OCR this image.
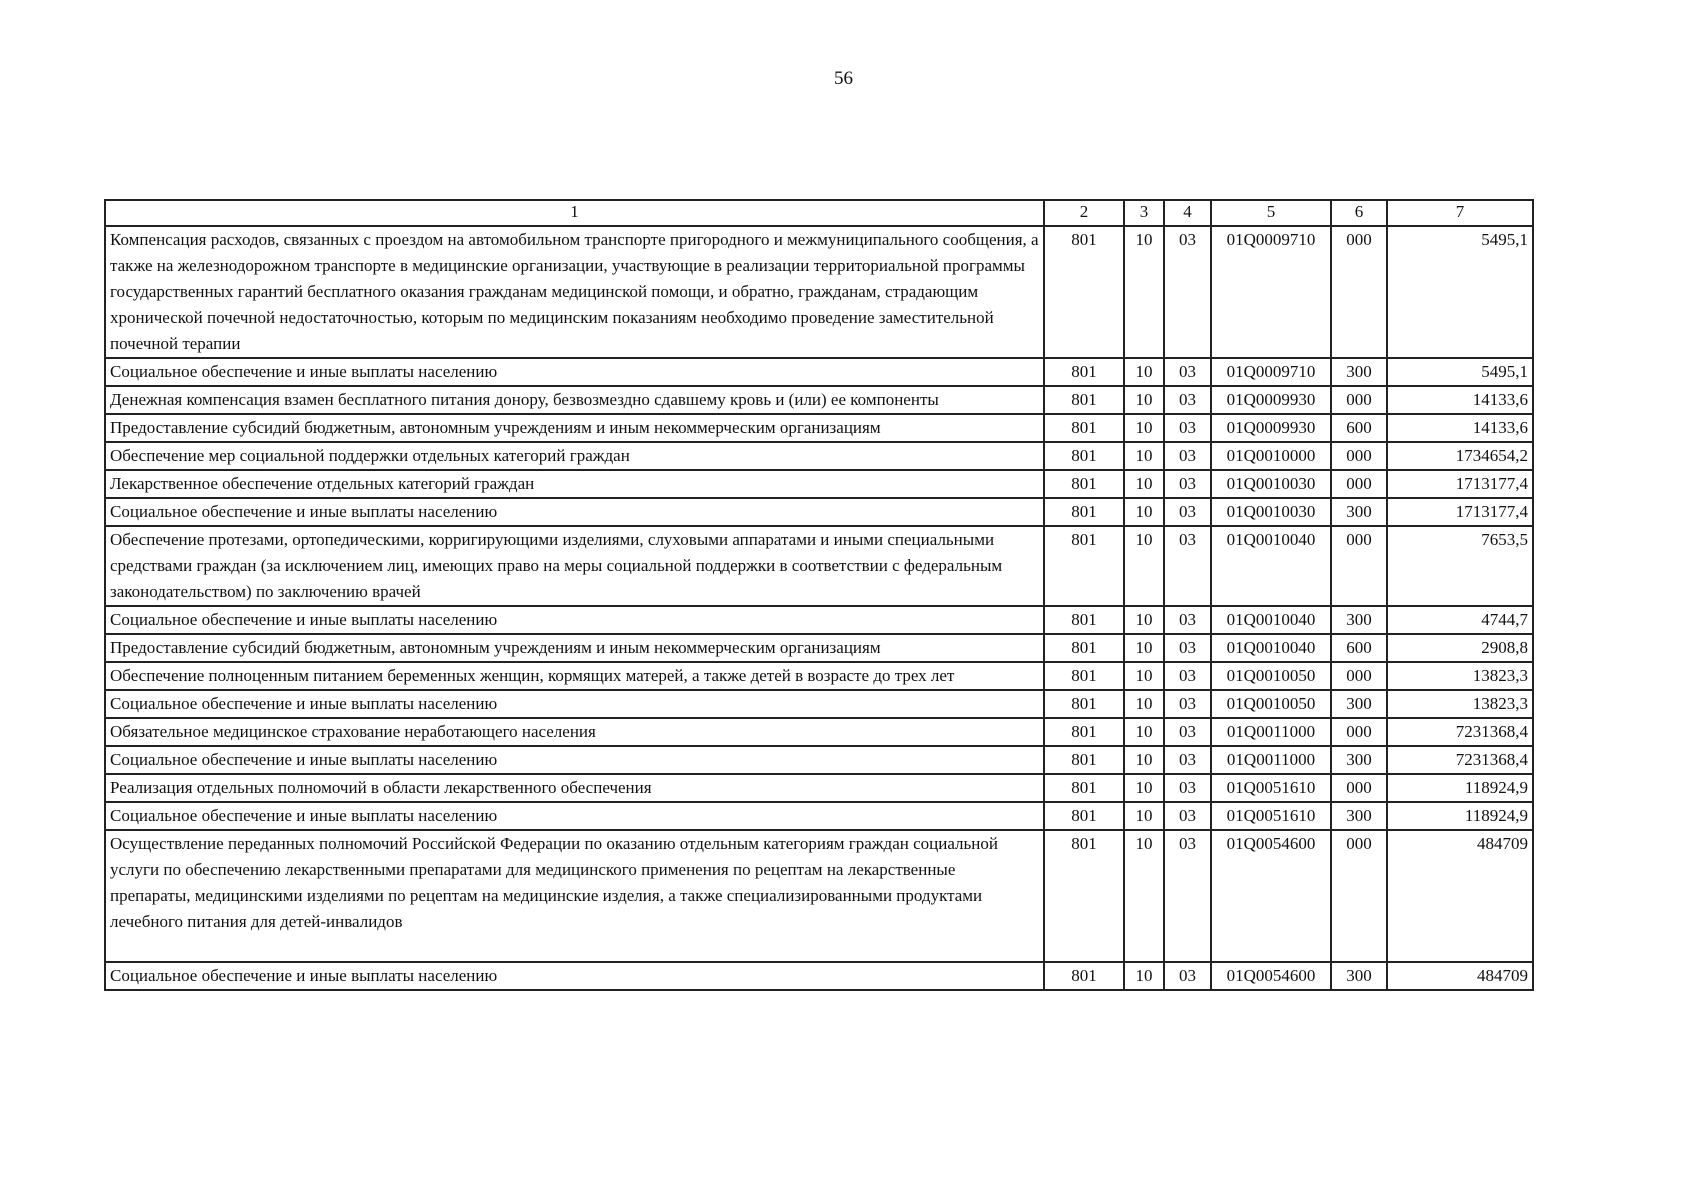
56
1	2	3	4	5	6	7
Компенсация расходов, связанных с проездом на автомобильном транспорте пригородного и межмуниципального сообщения, а также на железнодорожном транспорте в медицинские организации, участвующие в реализации территориальной программы государственных гарантий бесплатного оказания гражданам медицинской помощи, и обратно, гражданам, страдающим хронической почечной недостаточностью, которым по медицинским показаниям необходимо проведение заместительной почечной терапии	801	10	03	01Q0009710	000	5495,1
Социальное обеспечение и иные выплаты населению	801	10	03	01Q0009710	300	5495,1
Денежная компенсация взамен бесплатного питания донору, безвозмездно сдавшему кровь и (или) ее компоненты	801	10	03	01Q0009930	000	14133,6
Предоставление субсидий бюджетным, автономным учреждениям и иным некоммерческим организациям	801	10	03	01Q0009930	600	14133,6
Обеспечение мер социальной поддержки отдельных категорий граждан	801	10	03	01Q0010000	000	1734654,2
Лекарственное обеспечение отдельных категорий граждан	801	10	03	01Q0010030	000	1713177,4
Социальное обеспечение и иные выплаты населению	801	10	03	01Q0010030	300	1713177,4
Обеспечение протезами, ортопедическими, корригирующими изделиями, слуховыми аппаратами и иными специальными средствами граждан (за исключением лиц, имеющих право на меры социальной поддержки в соответствии с федеральным законодательством) по заключению врачей	801	10	03	01Q0010040	000	7653,5
Социальное обеспечение и иные выплаты населению	801	10	03	01Q0010040	300	4744,7
Предоставление субсидий бюджетным, автономным учреждениям и иным некоммерческим организациям	801	10	03	01Q0010040	600	2908,8
Обеспечение полноценным питанием беременных женщин, кормящих матерей, а также детей в возрасте до трех лет	801	10	03	01Q0010050	000	13823,3
Социальное обеспечение и иные выплаты населению	801	10	03	01Q0010050	300	13823,3
Обязательное медицинское страхование неработающего населения	801	10	03	01Q0011000	000	7231368,4
Социальное обеспечение и иные выплаты населению	801	10	03	01Q0011000	300	7231368,4
Реализация отдельных полномочий в области лекарственного обеспечения	801	10	03	01Q0051610	000	118924,9
Социальное обеспечение и иные выплаты населению	801	10	03	01Q0051610	300	118924,9
Осуществление переданных полномочий Российской Федерации по оказанию отдельным категориям граждан социальной услуги по обеспечению лекарственными препаратами для медицинского применения по рецептам на лекарственные препараты, медицинскими изделиями по рецептам на медицинские изделия, а также специализированными продуктами лечебного питания для детей-инвалидов	801	10	03	01Q0054600	000	484709
Социальное обеспечение и иные выплаты населению	801	10	03	01Q0054600	300	484709
